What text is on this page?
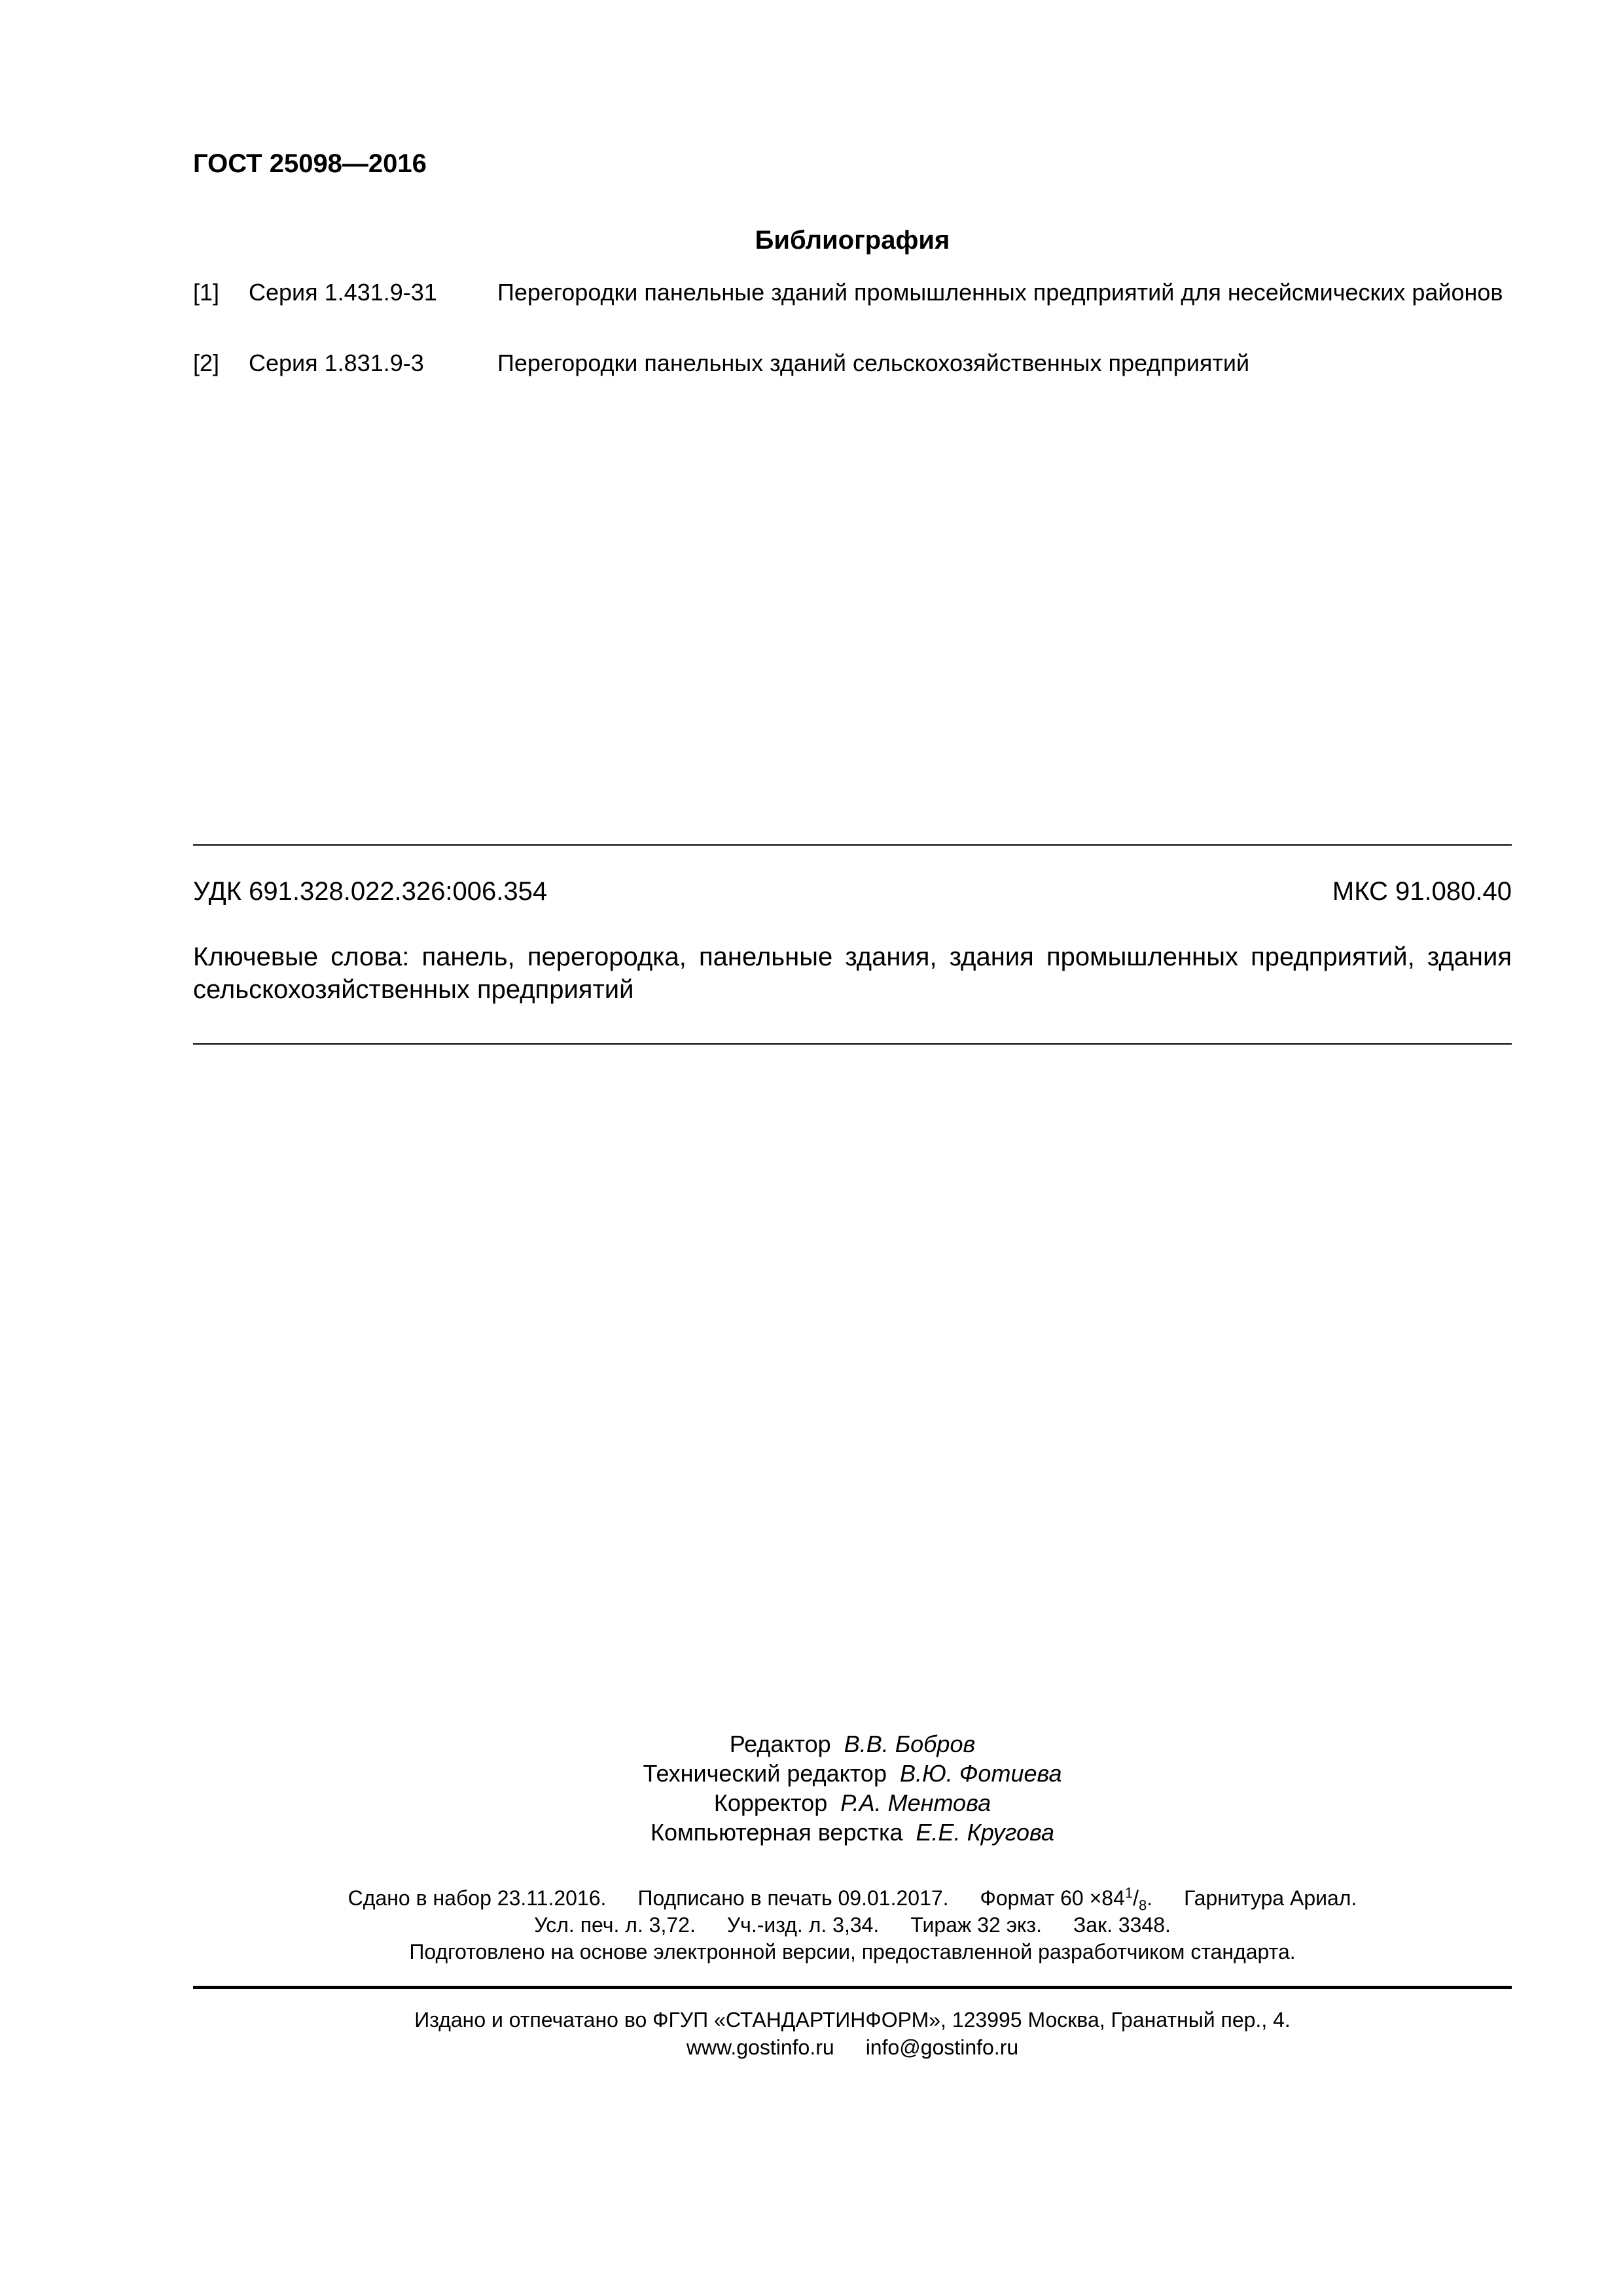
ГОСТ 25098—2016
Библиография
[1] Серия 1.431.9-31	Перегородки панельные зданий промышленных предприятий для несейсмических районов
[2] Серия 1.831.9-3	Перегородки панельных зданий сельскохозяйственных предприятий
УДК 691.328.022.326:006.354	МКС 91.080.40
Ключевые слова: панель, перегородка, панельные здания, здания промышленных предприятий, здания сельскохозяйственных предприятий
Редактор В.В. Бобров
Технический редактор В.Ю. Фотиева
Корректор Р.А. Ментова
Компьютерная верстка Е.Е. Кругова
Сдано в набор 23.11.2016. Подписано в печать 09.01.2017. Формат $60 \times 84^1/_8$. Гарнитура Ариал.
Усл. печ. л. 3,72. Уч.-изд. л. 3,34. Тираж 32 экз. Зак. 3348.
Подготовлено на основе электронной версии, предоставленной разработчиком стандарта.
Издано и отпечатано во ФГУП «СТАНДАРТИНФОРМ», 123995 Москва, Гранатный пер., 4.
www.gostinfo.ru info@gostinfo.ru
